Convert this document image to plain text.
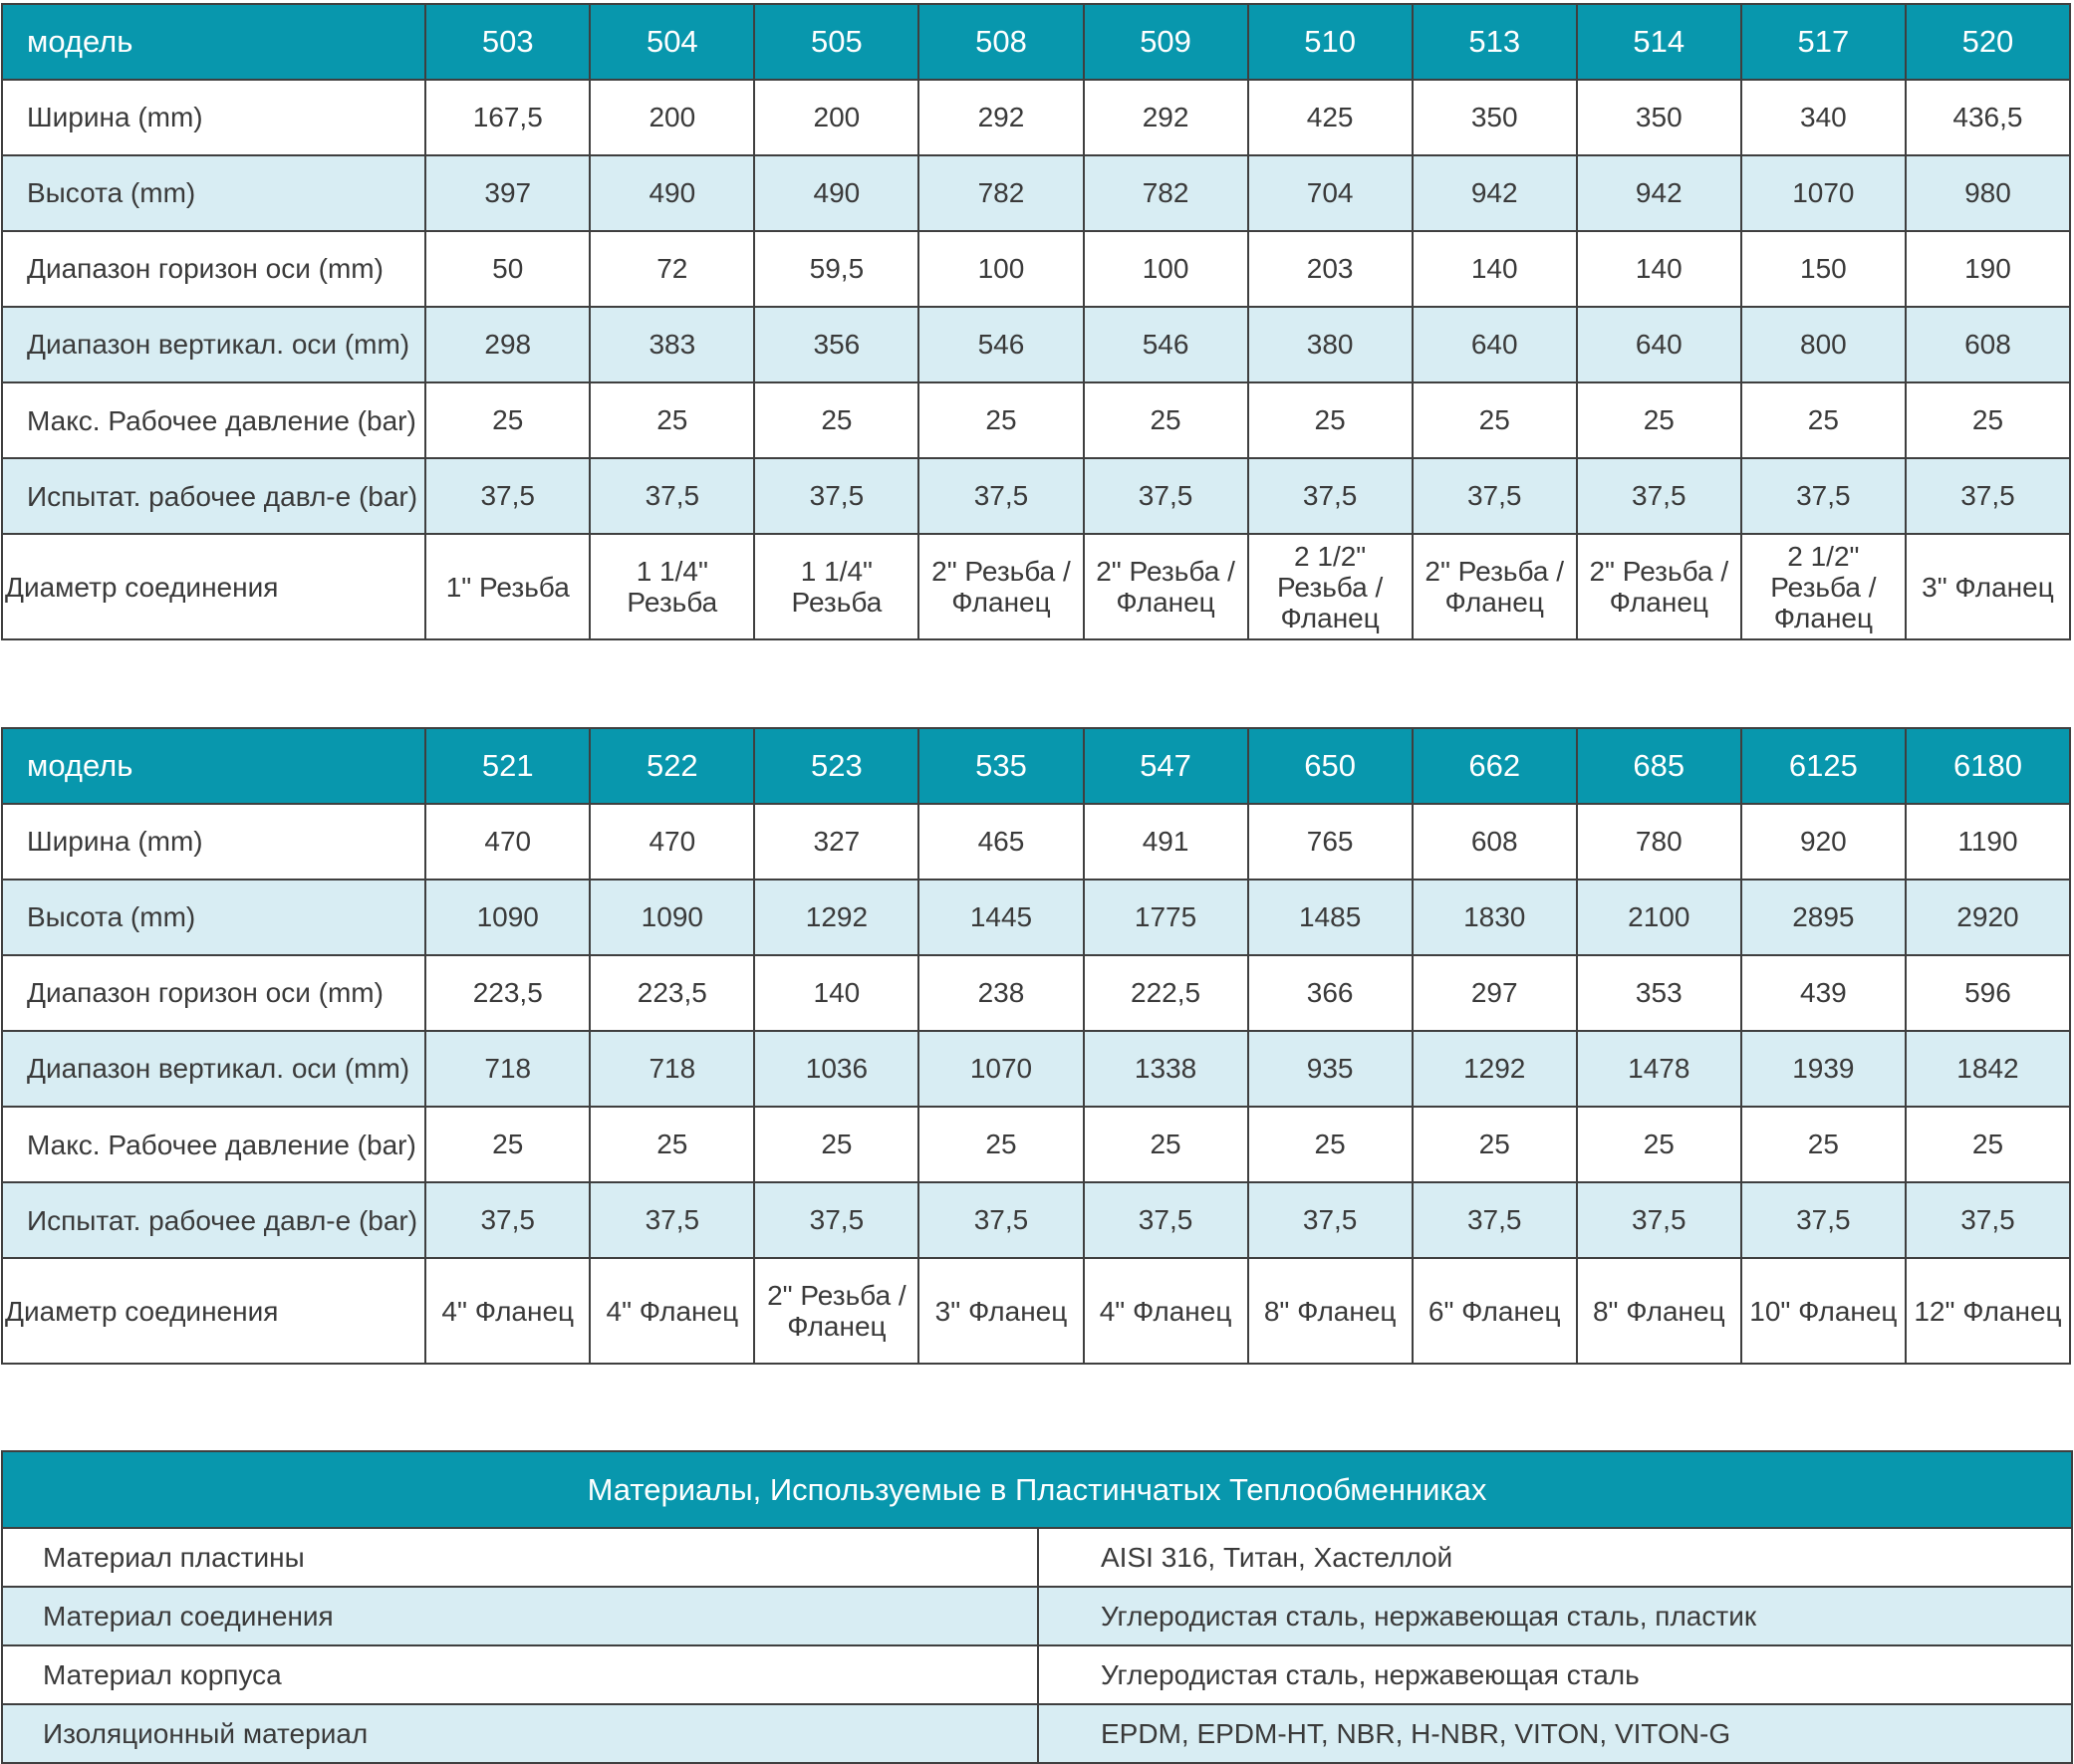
модель	503	504	505	508	509	510	513	514	517	520
Ширина (mm)	167,5	200	200	292	292	425	350	350	340	436,5
Высота (mm)	397	490	490	782	782	704	942	942	1070	980
Диапазон горизон оси (mm)	50	72	59,5	100	100	203	140	140	150	190
Диапазон вертикал. оси (mm)	298	383	356	546	546	380	640	640	800	608
Макс. Рабочее давление (bar)	25	25	25	25	25	25	25	25	25	25
Испытат. рабочее давл-е (bar)	37,5	37,5	37,5	37,5	37,5	37,5	37,5	37,5	37,5	37,5
Диаметр соединения	1" Резьба	1 1/4" Резьба	1 1/4" Резьба	2" Резьба / Фланец	2" Резьба / Фланец	2 1/2" Резьба / Фланец	2" Резьба / Фланец	2" Резьба / Фланец	2 1/2" Резьба / Фланец	3" Фланец
модель	521	522	523	535	547	650	662	685	6125	6180
Ширина (mm)	470	470	327	465	491	765	608	780	920	1190
Высота (mm)	1090	1090	1292	1445	1775	1485	1830	2100	2895	2920
Диапазон горизон оси (mm)	223,5	223,5	140	238	222,5	366	297	353	439	596
Диапазон вертикал. оси (mm)	718	718	1036	1070	1338	935	1292	1478	1939	1842
Макс. Рабочее давление (bar)	25	25	25	25	25	25	25	25	25	25
Испытат. рабочее давл-е (bar)	37,5	37,5	37,5	37,5	37,5	37,5	37,5	37,5	37,5	37,5
Диаметр соединения	4" Фланец	4" Фланец	2" Резьба / Фланец	3" Фланец	4" Фланец	8" Фланец	6" Фланец	8" Фланец	10" Фланец	12" Фланец
Материалы, Используемые в Пластинчатых Теплообменниках	
Материал пластины	AISI 316, Титан, Хастеллой
Материал соединения	Углеродистая сталь, нержавеющая сталь, пластик
Материал корпуса	Углеродистая сталь, нержавеющая сталь
Изоляционный материал	EPDM, EPDM-HT, NBR, H-NBR, VITON, VITON-G
